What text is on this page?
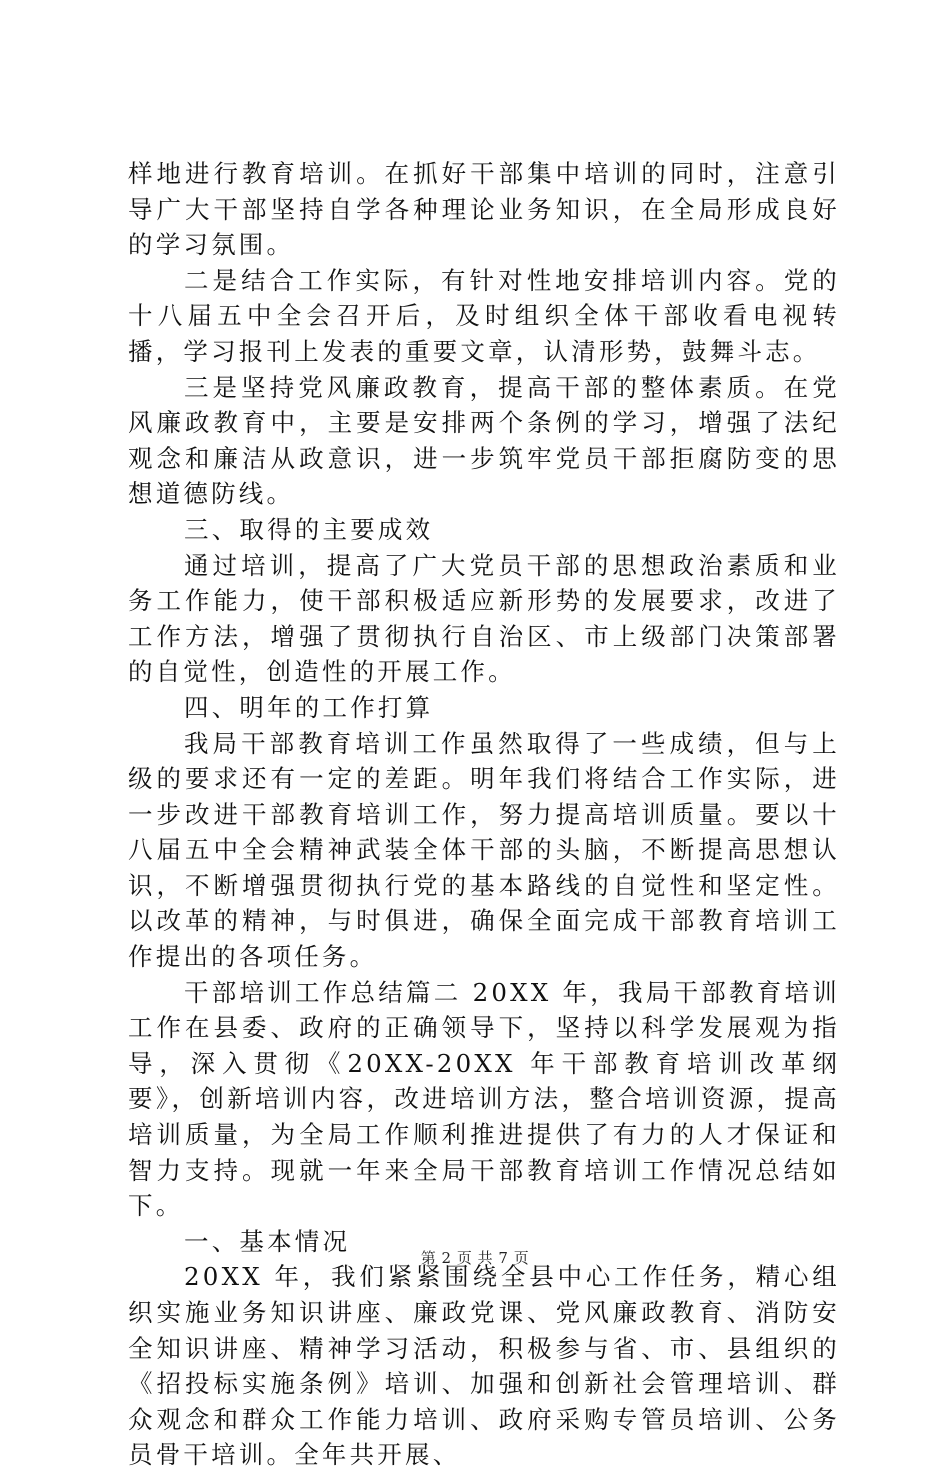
样地进行教育培训。在抓好干部集中培训的同时，注意引导广大干部坚持自学各种理论业务知识，在全局形成良好的学习氛围。

二是结合工作实际，有针对性地安排培训内容。党的十八届五中全会召开后，及时组织全体干部收看电视转播，学习报刊上发表的重要文章，认清形势，鼓舞斗志。

三是坚持党风廉政教育，提高干部的整体素质。在党风廉政教育中，主要是安排两个条例的学习，增强了法纪观念和廉洁从政意识，进一步筑牢党员干部拒腐防变的思想道德防线。

三、取得的主要成效

通过培训，提高了广大党员干部的思想政治素质和业务工作能力，使干部积极适应新形势的发展要求，改进了工作方法，增强了贯彻执行自治区、市上级部门决策部署的自觉性，创造性的开展工作。

四、明年的工作打算

我局干部教育培训工作虽然取得了一些成绩，但与上级的要求还有一定的差距。明年我们将结合工作实际，进一步改进干部教育培训工作，努力提高培训质量。要以十八届五中全会精神武装全体干部的头脑，不断提高思想认识，不断增强贯彻执行党的基本路线的自觉性和坚定性。以改革的精神，与时俱进，确保全面完成干部教育培训工作提出的各项任务。

干部培训工作总结篇二 20XX 年，我局干部教育培训工作在县委、政府的正确领导下，坚持以科学发展观为指导，深入贯彻《20XX-20XX 年干部教育培训改革纲要》，创新培训内容，改进培训方法，整合培训资源，提高培训质量，为全局工作顺利推进提供了有力的人才保证和智力支持。现就一年来全局干部教育培训工作情况总结如下。

一、基本情况

20XX 年，我们紧紧围绕全县中心工作任务，精心组织实施业务知识讲座、廉政党课、党风廉政教育、消防安全知识讲座、精神学习活动，积极参与省、市、县组织的《招投标实施条例》培训、加强和创新社会管理培训、群众观念和群众工作能力培训、政府采购专管员培训、公务员骨干培训。全年共开展、

第 2 页 共 7 页
